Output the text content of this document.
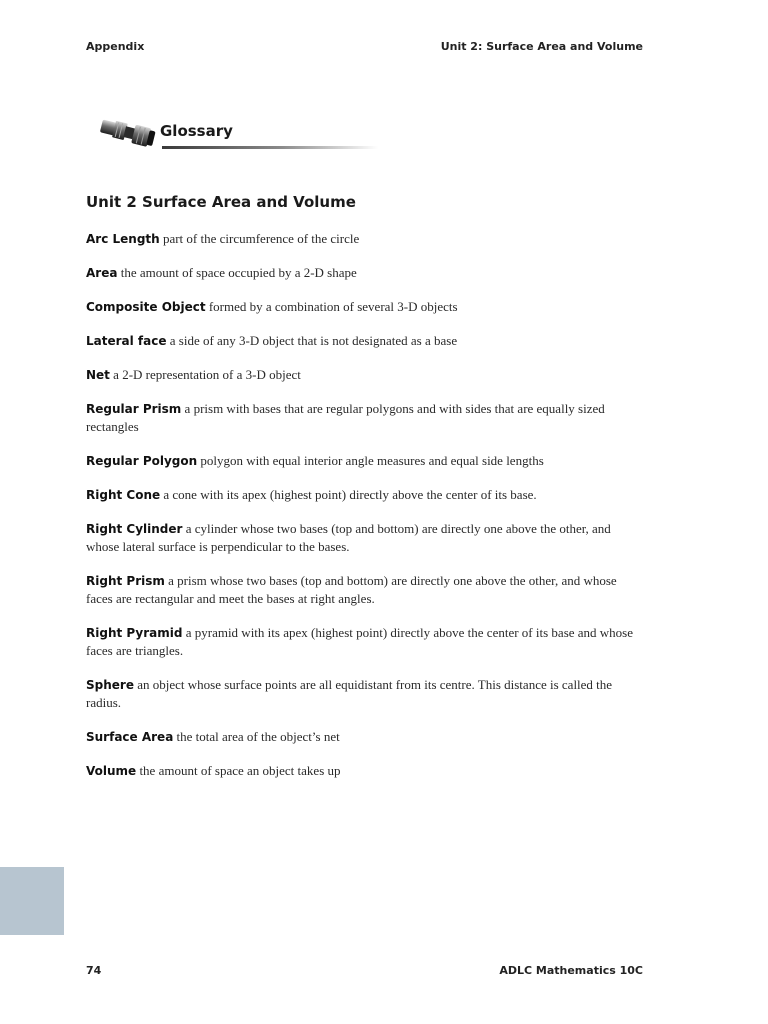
Appendix	Unit 2: Surface Area and Volume
Glossary
Unit 2 Surface Area and Volume

Arc Length part of the circumference of the circle

Area the amount of space occupied by a 2-D shape

Composite Object formed by a combination of several 3-D objects

Lateral face a side of any 3-D object that is not designated as a base

Net a 2-D representation of a 3-D object

Regular Prism a prism with bases that are regular polygons and with sides that are equally sized rectangles

Regular Polygon polygon with equal interior angle measures and equal side lengths

Right Cone a cone with its apex (highest point) directly above the center of its base.

Right Cylinder a cylinder whose two bases (top and bottom) are directly one above the other, and whose lateral surface is perpendicular to the bases.

Right Prism a prism whose two bases (top and bottom) are directly one above the other, and whose faces are rectangular and meet the bases at right angles.

Right Pyramid a pyramid with its apex (highest point) directly above the center of its base and whose faces are triangles.

Sphere an object whose surface points are all equidistant from its centre. This distance is called the radius.

Surface Area the total area of the object’s net

Volume the amount of space an object takes up

74	ADLC Mathematics 10C
